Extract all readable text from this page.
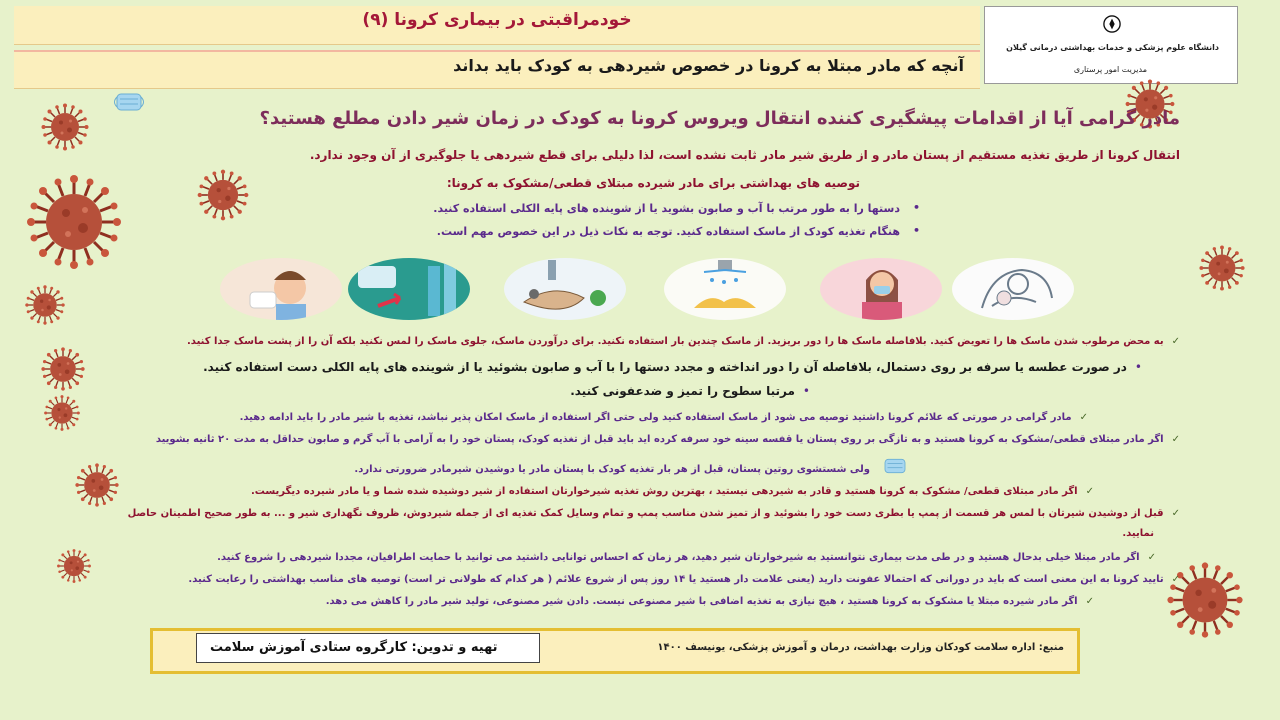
خودمراقبتی در بیماری کرونا (۹)
آنچه که مادر مبتلا به کرونا در خصوص شیردهی به کودک باید بداند
دانشگاه علوم پزشکی و خدمات بهداشتی درمانی گیلان
مدیریت امور پرستاری
مادر گرامی آیا از اقدامات پیشگیری کننده انتقال ویروس کرونا به کودک در زمان شیر دادن مطلع هستید؟
انتقال کرونا از طریق تغذیه مستقیم از پستان مادر و از طریق شیر مادر ثابت نشده است، لذا دلیلی برای قطع شیردهی یا جلوگیری از آن وجود ندارد.
توصیه های بهداشتی برای مادر شیرده مبتلای قطعی/مشکوک به کرونا:
دستها را به طور مرتب با آب و صابون بشوید یا از شوینده های پایه الکلی استفاده کنید. •
هنگام تغذیه کودک از ماسک استفاده کنید. توجه به نکات ذیل در این خصوص مهم است. •
✓به محض مرطوب شدن ماسک ها را تعویض کنید. بلافاصله ماسک ها را دور بریزید. از ماسک چندین بار استفاده نکنید. برای درآوردن ماسک، جلوی ماسک را لمس نکنید بلکه آن را از پشت ماسک جدا کنید.
•در صورت عطسه یا سرفه بر روی دستمال، بلافاصله آن را دور انداخته و مجدد دستها را با آب و صابون بشوئید یا از شوینده های پایه الکلی دست استفاده کنید.
•مرتبا سطوح را تمیز و ضدعفونی کنید.
✓مادر گرامی در صورتی که علائم کرونا داشتید توصیه می شود از ماسک استفاده کنید ولی حتی اگر استفاده از ماسک امکان پذیر نباشد، تغذیه با شیر مادر را باید ادامه دهید.
✓اگر مادر مبتلای قطعی/مشکوک به کرونا هستید و به تازگی بر روی پستان یا قفسه سینه خود سرفه کرده اید باید قبل از تغذیه کودک، پستان خود را به آرامی با آب گرم و صابون حداقل به مدت ۲۰ ثانیه بشویید
ولی شستشوی روتین پستان، قبل از هر بار تغذیه کودک با پستان مادر یا دوشیدن شیرمادر ضرورتی ندارد.
✓اگر مادر مبتلای قطعی/ مشکوک به کرونا هستید و قادر به شیردهی نیستید ، بهترین روش تغذیه شیرخوارتان استفاده از شیر دوشیده شده شما و یا مادر شیرده دیگریست.
✓قبل از دوشیدن شیرتان با لمس هر قسمت از پمپ یا بطری دست خود را بشوئید و از تمیز شدن مناسب پمپ و تمام وسایل کمک تغذیه ای از جمله شیردوش، ظروف نگهداری شیر و ... به طور صحیح اطمینان حاصل
نمایید.
✓اگر مادر مبتلا خیلی بدحال هستید و در طی مدت بیماری نتوانستید به شیرخوارتان شیر دهید، هر زمان که احساس توانایی داشتید می توانید با حمایت اطرافیان، مجددا شیردهی را شروع کنید.
✓تایید کرونا به این معنی است که باید در دورانی که احتمالا عفونت دارید (یعنی علامت دار هستید یا ۱۴ روز پس از شروع علائم ( هر کدام که طولانی تر است) توصیه های مناسب بهداشتی را رعایت کنید.
✓اگر مادر شیرده مبتلا یا مشکوک به کرونا هستید ، هیچ نیازی به تغذیه اضافی با شیر مصنوعی نیست. دادن شیر مصنوعی، تولید شیر مادر را کاهش می دهد.
منبع: اداره سلامت کودکان وزارت بهداشت، درمان و آموزش پزشکی، یونیسف ۱۴۰۰
تهیه و تدوین: کارگروه ستادی آموزش سلامت
